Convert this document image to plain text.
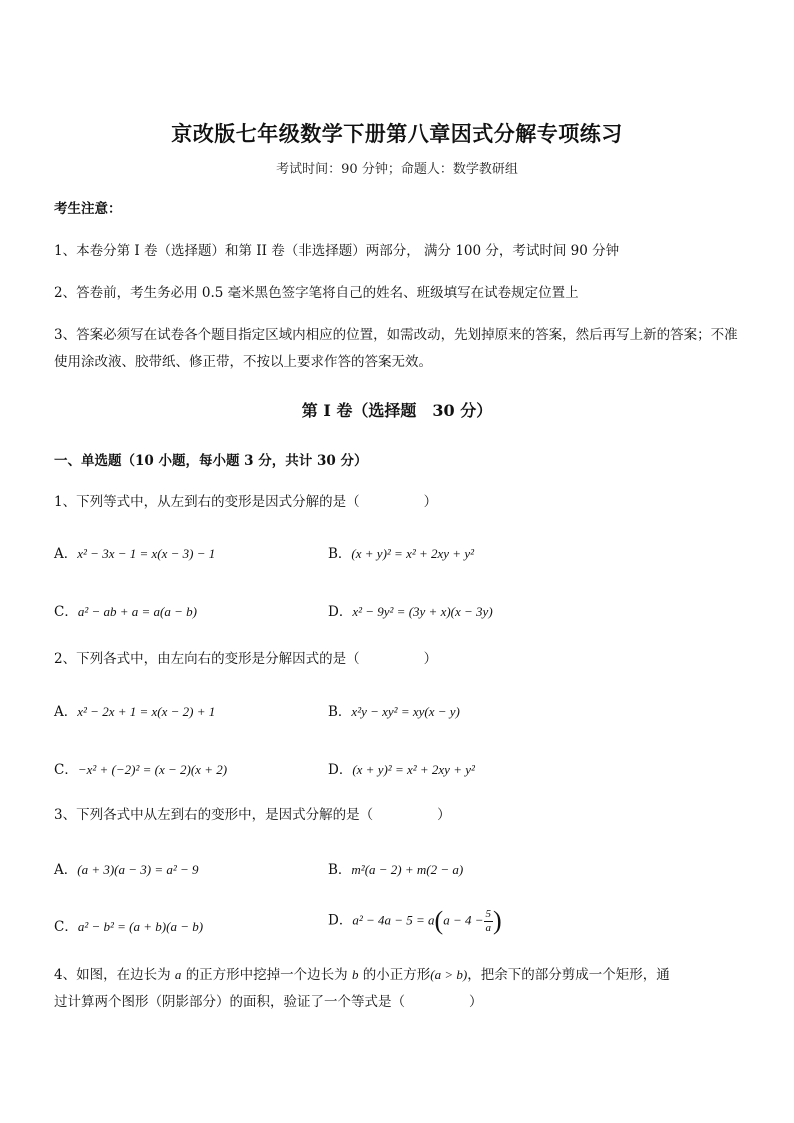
京改版七年级数学下册第八章因式分解专项练习
考试时间：90 分钟；命题人：数学教研组
考生注意：
1、本卷分第 I 卷（选择题）和第 II 卷（非选择题）两部分， 满分 100 分，考试时间 90 分钟
2、答卷前，考生务必用 0.5 毫米黑色签字笔将自己的姓名、班级填写在试卷规定位置上
3、答案必须写在试卷各个题目指定区域内相应的位置，如需改动，先划掉原来的答案，然后再写上新的答案；不准使用涂改液、胶带纸、修正带，不按以上要求作答的答案无效。
第 I 卷（选择题　30 分）
一、单选题（10 小题，每小题 3 分，共计 30 分）
1、下列等式中，从左到右的变形是因式分解的是（	）
A．x² − 3x − 1 = x(x − 3) − 1	B．(x + y)² = x² + 2xy + y²
C．a² − ab + a = a(a − b)	D．x² − 9y² = (3y + x)(x − 3y)
2、下列各式中，由左向右的变形是分解因式的是（	）
A．x² − 2x + 1 = x(x − 2) + 1	B．x²y − xy² = xy(x − y)
C．−x² + (−2)² = (x − 2)(x + 2)	D．(x + y)² = x² + 2xy + y²
3、下列各式中从左到右的变形中，是因式分解的是（	）
A．(a + 3)(a − 3) = a² − 9	B．m²(a − 2) + m(2 − a)
C．a² − b² = (a + b)(a − b)	D．$a^2 - 4a - 5 = a(a - 4 - \frac{5}{a}$ )
4、如图，在边长为 a 的正方形中挖掉一个边长为 b 的小正方形(a > b)，把余下的部分剪成一个矩形，通
过计算两个图形（阴影部分）的面积，验证了一个等式是（	）
